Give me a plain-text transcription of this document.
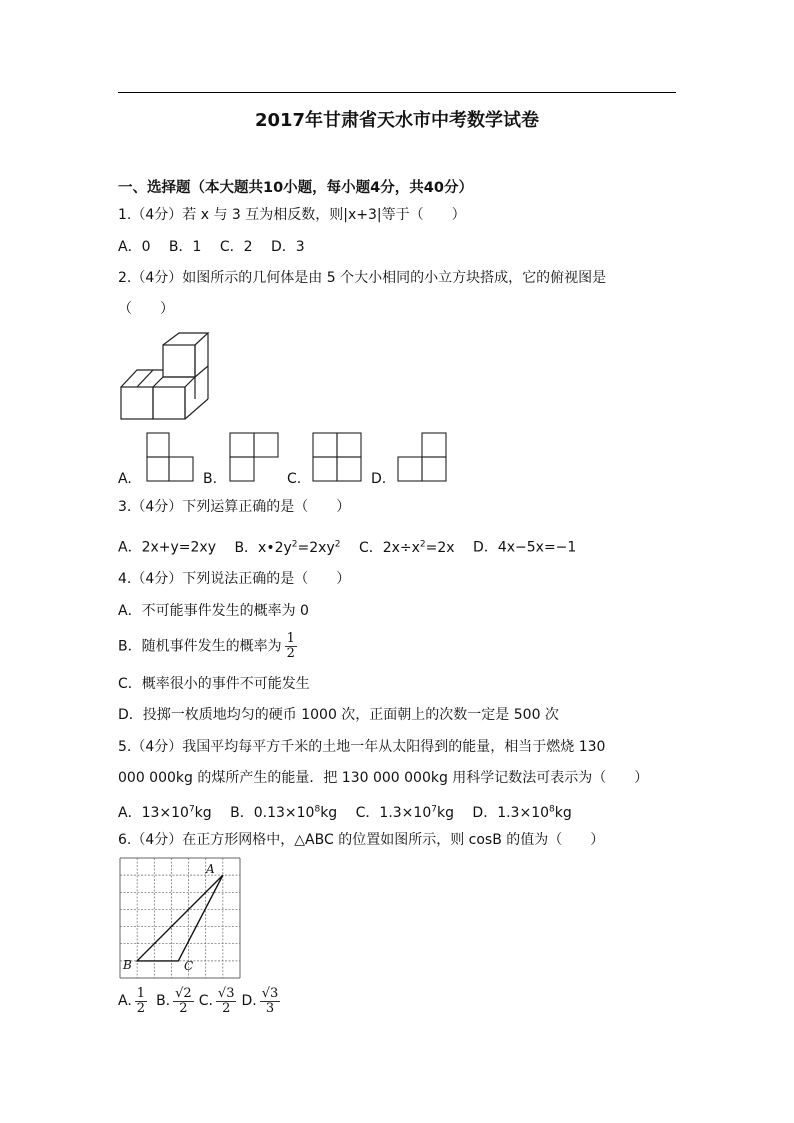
2017年甘肃省天水市中考数学试卷
一、选择题（本大题共10小题，每小题4分，共40分）
1.（4分）若 x 与 3 互为相反数，则|x+3|等于（　　）
A．0　 B．1　 C．2　 D．3
2.（4分）如图所示的几何体是由 5 个大小相同的小立方块搭成，它的俯视图是
（　　）
A.	B.	C.	D.
3.（4分）下列运算正确的是（　　）
A．2x+y=2xy　 B．$x•2y^2=2xy^2$　 C．$2x\div x^2=2x$　 D．4x−5x=−1
4.（4分）下列说法正确的是（　　）
A．不可能事件发生的概率为 0
B．随机事件发生的概率为 $\frac{1}{2}$
C．概率很小的事件不可能发生
D．投掷一枚质地均匀的硬币 1000 次，正面朝上的次数一定是 500 次
5.（4分）我国平均每平方千米的土地一年从太阳得到的能量，相当于燃烧 130
000 000kg 的煤所产生的能量．把 130 000 000kg 用科学记数法可表示为（　　）
A．$13\times 10^7kg$　 B．$0.13\times 10^8kg$　 C．$1.3\times 10^7kg$　 D．$1.3\times 10^8kg$
6.（4分）在正方形网格中，△ABC 的位置如图所示，则 cosB 的值为（　　）
A
B	C
A. $\frac{1}{2} B$. $\frac{√2}{2} C$. $\frac{√3}{2} D$. $\frac{√3}{3}$
